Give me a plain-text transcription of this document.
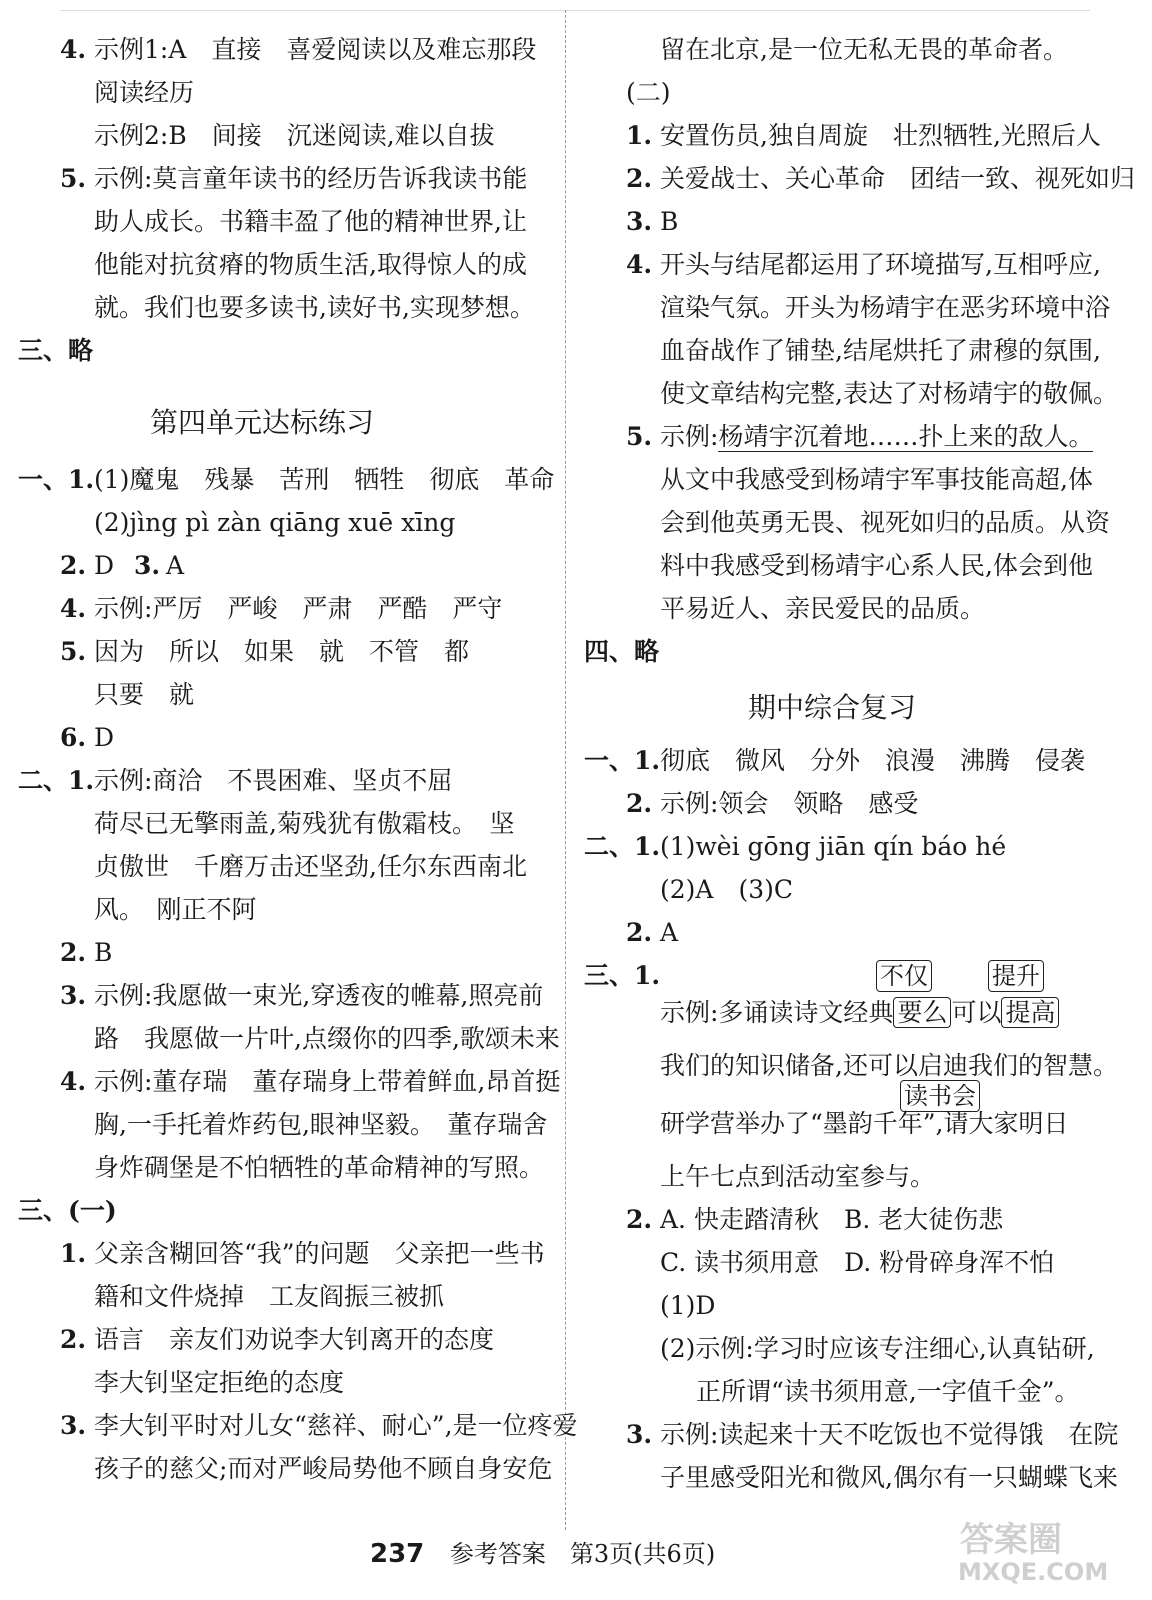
4. 示例1:A　直接　喜爱阅读以及难忘那段
阅读经历
示例2:B　间接　沉迷阅读,难以自拔
5. 示例:莫言童年读书的经历告诉我读书能
助人成长。书籍丰盈了他的精神世界,让
他能对抗贫瘠的物质生活,取得惊人的成
就。我们也要多读书,读好书,实现梦想。
三、略
第四单元达标练习
一、1. (1)魔鬼　残暴　苦刑　牺牲　彻底　革命
(2)jìng pì zàn qiāng xuē xīng
2. D 3. A
4. 示例:严厉　严峻　严肃　严酷　严守
5. 因为　所以　如果　就　不管　都
只要　就
6. D
二、1. 示例:商洽　不畏困难、坚贞不屈
荷尽已无擎雨盖,菊残犹有傲霜枝。　坚
贞傲世　千磨万击还坚劲,任尔东西南北
风。　刚正不阿
2. B
3. 示例:我愿做一束光,穿透夜的帷幕,照亮前
路　我愿做一片叶,点缀你的四季,歌颂未来
4. 示例:董存瑞　董存瑞身上带着鲜血,昂首挺
胸,一手托着炸药包,眼神坚毅。　董存瑞舍
身炸碉堡是不怕牺牲的革命精神的写照。
三、(一)
1. 父亲含糊回答“我”的问题　父亲把一些书
籍和文件烧掉　工友阎振三被抓
2. 语言　亲友们劝说李大钊离开的态度
李大钊坚定拒绝的态度
3. 李大钊平时对儿女“慈祥、耐心”,是一位疼爱
孩子的慈父;而对严峻局势他不顾自身安危
留在北京,是一位无私无畏的革命者。
(二)
1. 安置伤员,独自周旋　壮烈牺牲,光照后人
2. 关爱战士、关心革命　团结一致、视死如归
3. B
4. 开头与结尾都运用了环境描写,互相呼应,
渲染气氛。开头为杨靖宇在恶劣环境中浴
血奋战作了铺垫,结尾烘托了肃穆的氛围,
使文章结构完整,表达了对杨靖宇的敬佩。
5. 示例:杨靖宇沉着地……扑上来的敌人。
从文中我感受到杨靖宇军事技能高超,体
会到他英勇无畏、视死如归的品质。从资
料中我感受到杨靖宇心系人民,体会到他
平易近人、亲民爱民的品质。
四、略
期中综合复习
一、1. 彻底　微风　分外　浪漫　沸腾　侵袭
2. 示例:领会　领略　感受
二、1. (1)wèi gōng jiān qín báo hé
(2)A　(3)C
2. A
三、1.	不仅	提升
示例:多诵读诗文经典 要么 可以 提高
我们的知识储备,还可以启迪我们的智慧。
读书会
研学营举办了“墨韵千年”,请大家明日
上午七点到活动室参与。
2. A. 快走踏清秋　B. 老大徒伤悲
C. 读书须用意　D. 粉骨碎身浑不怕
(1)D
(2)示例:学习时应该专注细心,认真钻研,
正所谓“读书须用意,一字值千金”。
3. 示例:读起来十天不吃饭也不觉得饿　在院
子里感受阳光和微风,偶尔有一只蝴蝶飞来
237 参考答案　第3页(共6页)	答案圈
MXQE.COM
